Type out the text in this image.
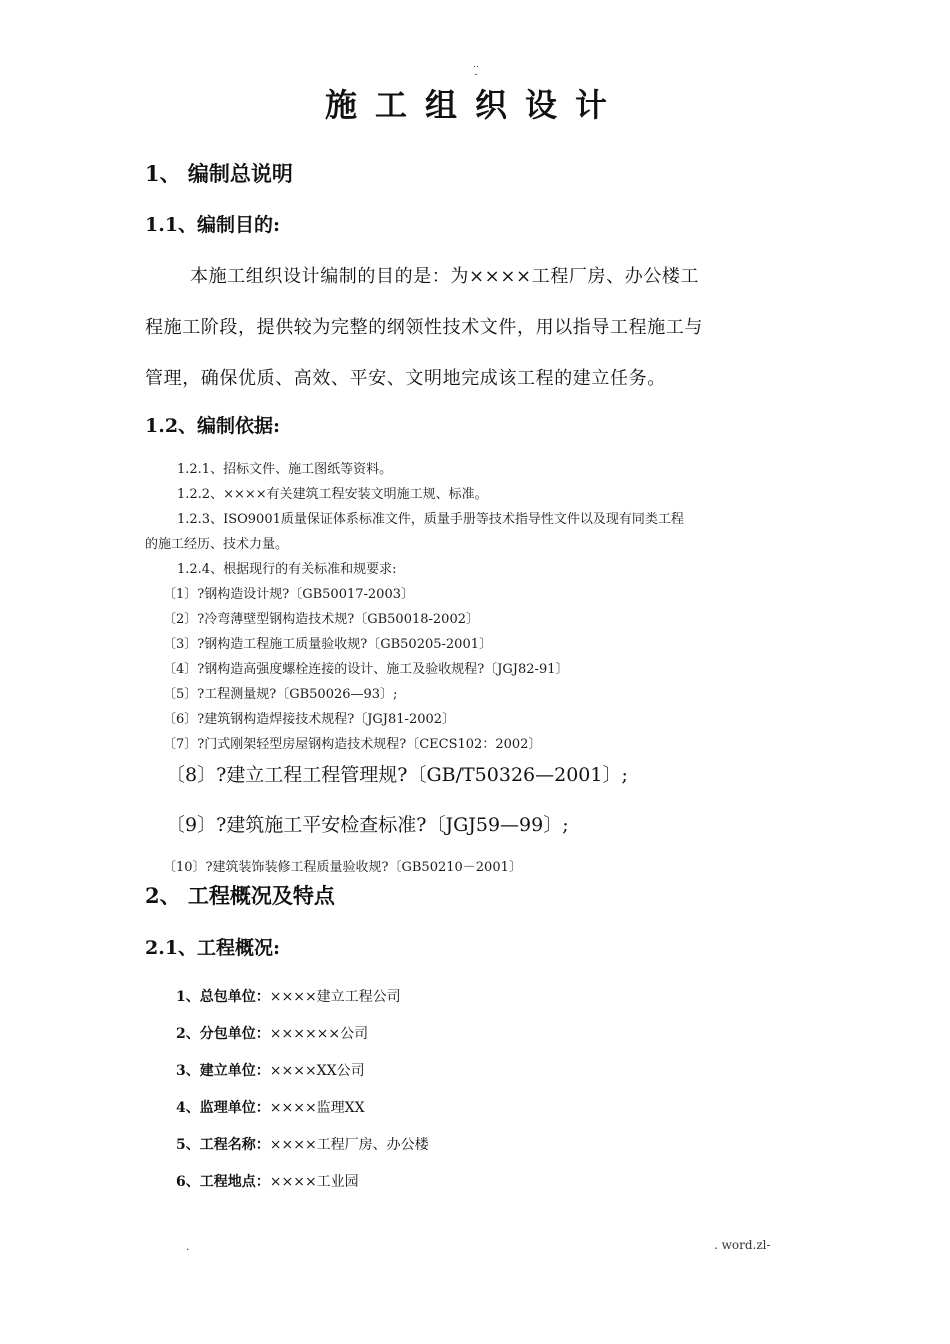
..
-
施工组织设计
1、 编制总说明
1.1、编制目的:
本施工组织设计编制的目的是：为××××工程厂房、办公楼工
程施工阶段，提供较为完整的纲领性技术文件，用以指导工程施工与
管理，确保优质、高效、平安、文明地完成该工程的建立任务。
1.2、编制依据:
1.2.1、招标文件、施工图纸等资料。
1.2.2、××××有关建筑工程安装文明施工规、标准。
1.2.3、ISO9001质量保证体系标准文件，质量手册等技术指导性文件以及现有同类工程
的施工经历、技术力量。
1.2.4、根据现行的有关标准和规要求:
〔1〕?钢构造设计规?〔GB50017-2003〕
〔2〕?冷弯薄壁型钢构造技术规?〔GB50018-2002〕
〔3〕?钢构造工程施工质量验收规?〔GB50205-2001〕
〔4〕?钢构造高强度螺栓连接的设计、施工及验收规程?〔JGJ82-91〕
〔5〕?工程测量规?〔GB50026—93〕;
〔6〕?建筑钢构造焊接技术规程?〔JGJ81-2002〕
〔7〕?门式刚架轻型房屋钢构造技术规程?〔CECS102：2002〕
〔8〕?建立工程工程管理规?〔GB/T50326—2001〕;
〔9〕?建筑施工平安检查标准?〔JGJ59—99〕;
〔10〕?建筑装饰装修工程质量验收规?〔GB50210－2001〕
2、 工程概况及特点
2.1、工程概况:
1、总包单位：××××建立工程公司
2、分包单位：××××××公司
3、建立单位：××××XX公司
4、监理单位：××××监理XX
5、工程名称：××××工程厂房、办公楼
6、工程地点：××××工业园
.	. word.zl-
